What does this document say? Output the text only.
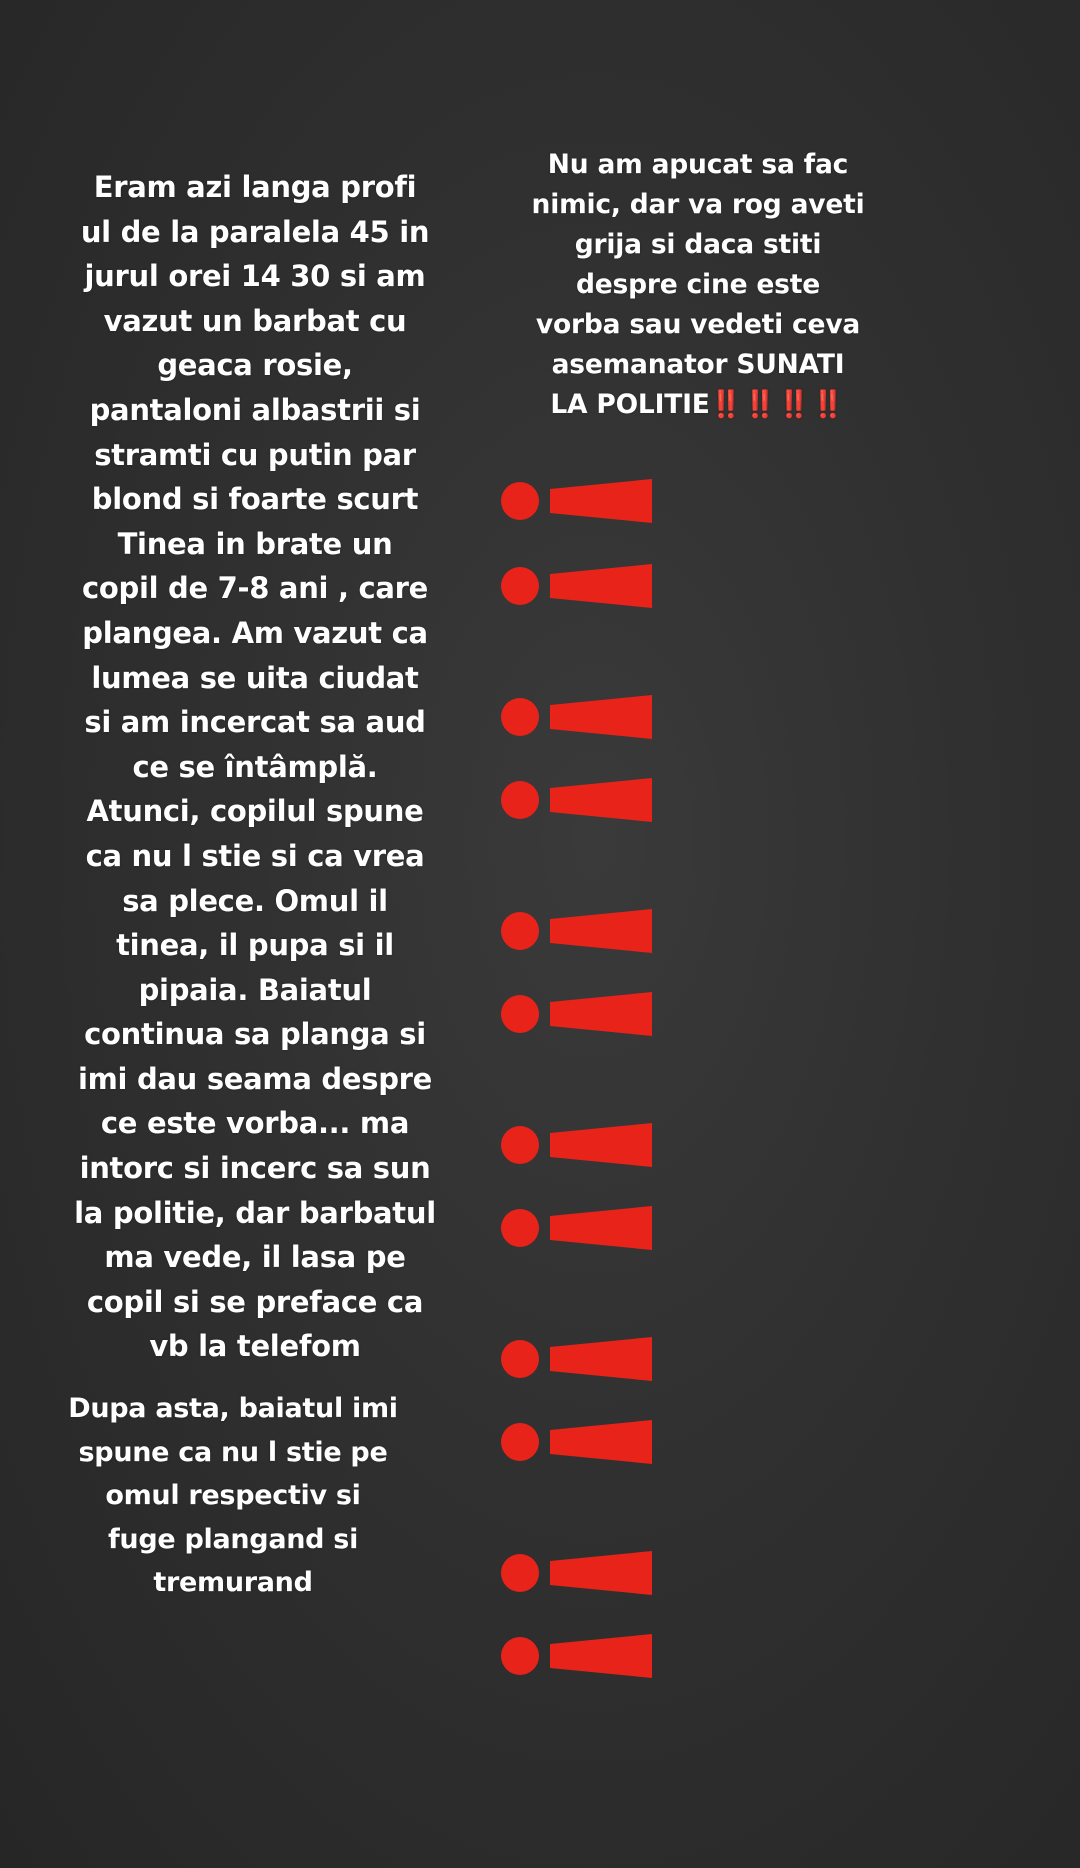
Eram azi langa profi
ul de la paralela 45 in
jurul orei 14 30 si am
vazut un barbat cu
geaca rosie,
pantaloni albastrii si
stramti cu putin par
blond si foarte scurt
Tinea in brate un
copil de 7-8 ani , care
plangea. Am vazut ca
lumea se uita ciudat
si am incercat sa aud
ce se întâmplă.
Atunci, copilul spune
ca nu l stie si ca vrea
sa plece. Omul il
tinea, il pupa si il
pipaia. Baiatul
continua sa planga si
imi dau seama despre
ce este vorba... ma
intorc si incerc sa sun
la politie, dar barbatul
ma vede, il lasa pe
copil si se preface ca
vb la telefom
Dupa asta, baiatul imi
spune ca nu l stie pe
omul respectiv si
fuge plangand si
tremurand
Nu am apucat sa fac
nimic, dar va rog aveti
grija si daca stiti
despre cine este
vorba sau vedeti ceva
asemanator SUNATI
LA POLITIE‼️‼️‼️‼️
